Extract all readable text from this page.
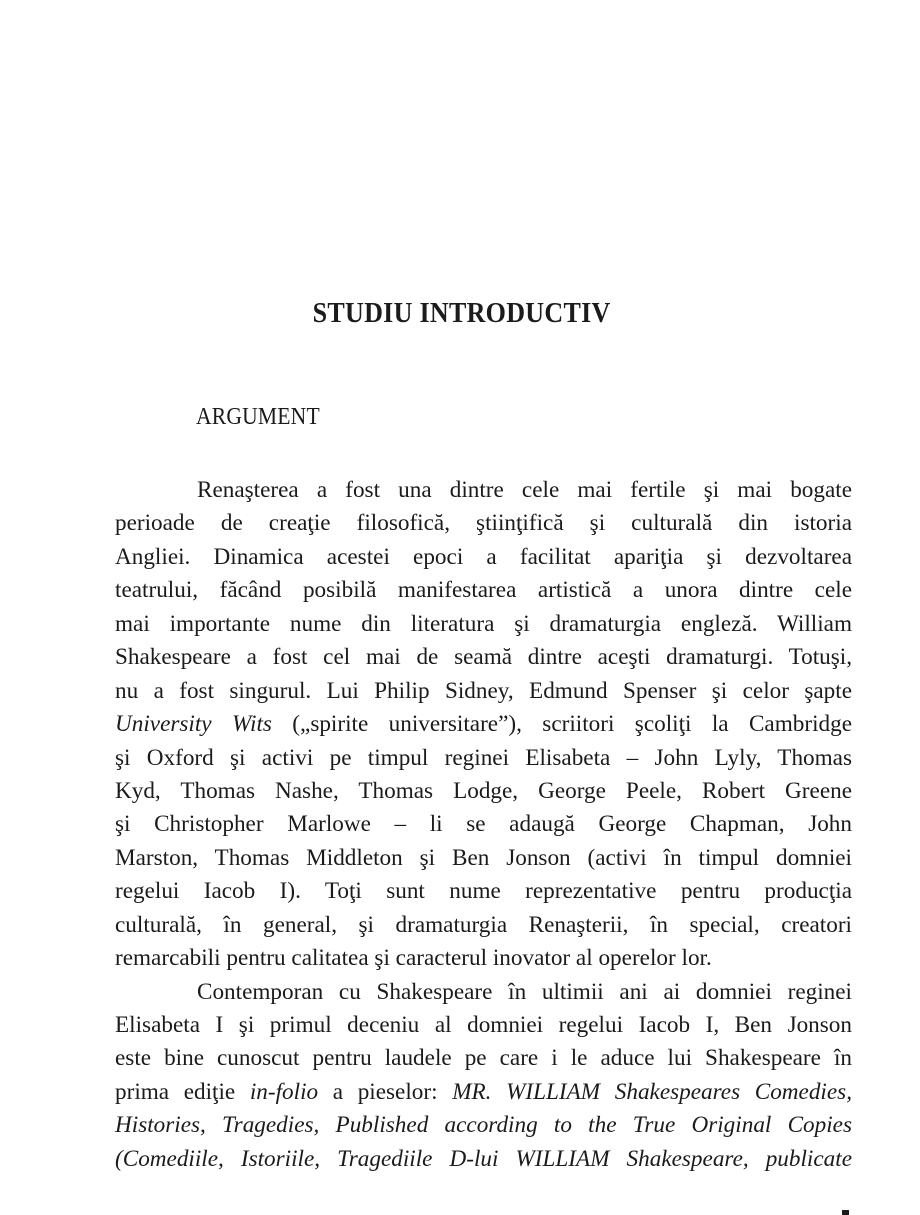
STUDIU INTRODUCTIV
ARGUMENT
Renaşterea a fost una dintre cele mai fertile şi mai bogate
perioade de creaţie filosofică, ştiinţifică şi culturală din istoria
Angliei. Dinamica acestei epoci a facilitat apariţia şi dezvoltarea
teatrului, făcând posibilă manifestarea artistică a unora dintre cele
mai importante nume din literatura şi dramaturgia engleză. William
Shakespeare a fost cel mai de seamă dintre aceşti dramaturgi. Totuşi,
nu a fost singurul. Lui Philip Sidney, Edmund Spenser şi celor şapte
University Wits („spirite universitare”), scriitori şcoliţi la Cambridge
şi Oxford şi activi pe timpul reginei Elisabeta – John Lyly, Thomas
Kyd, Thomas Nashe, Thomas Lodge, George Peele, Robert Greene
şi Christopher Marlowe – li se adaugă George Chapman, John
Marston, Thomas Middleton şi Ben Jonson (activi în timpul domniei
regelui Iacob I). Toţi sunt nume reprezentative pentru producţia
culturală, în general, şi dramaturgia Renaşterii, în special, creatori
remarcabili pentru calitatea şi caracterul inovator al operelor lor.
Contemporan cu Shakespeare în ultimii ani ai domniei reginei
Elisabeta I şi primul deceniu al domniei regelui Iacob I, Ben Jonson
este bine cunoscut pentru laudele pe care i le aduce lui Shakespeare în
prima ediţie in-folio a pieselor: MR. WILLIAM Shakespeares Comedies,
Histories, Tragedies, Published according to the True Original Copies
(Comediile, Istoriile, Tragediile D-lui WILLIAM Shakespeare, publicate
